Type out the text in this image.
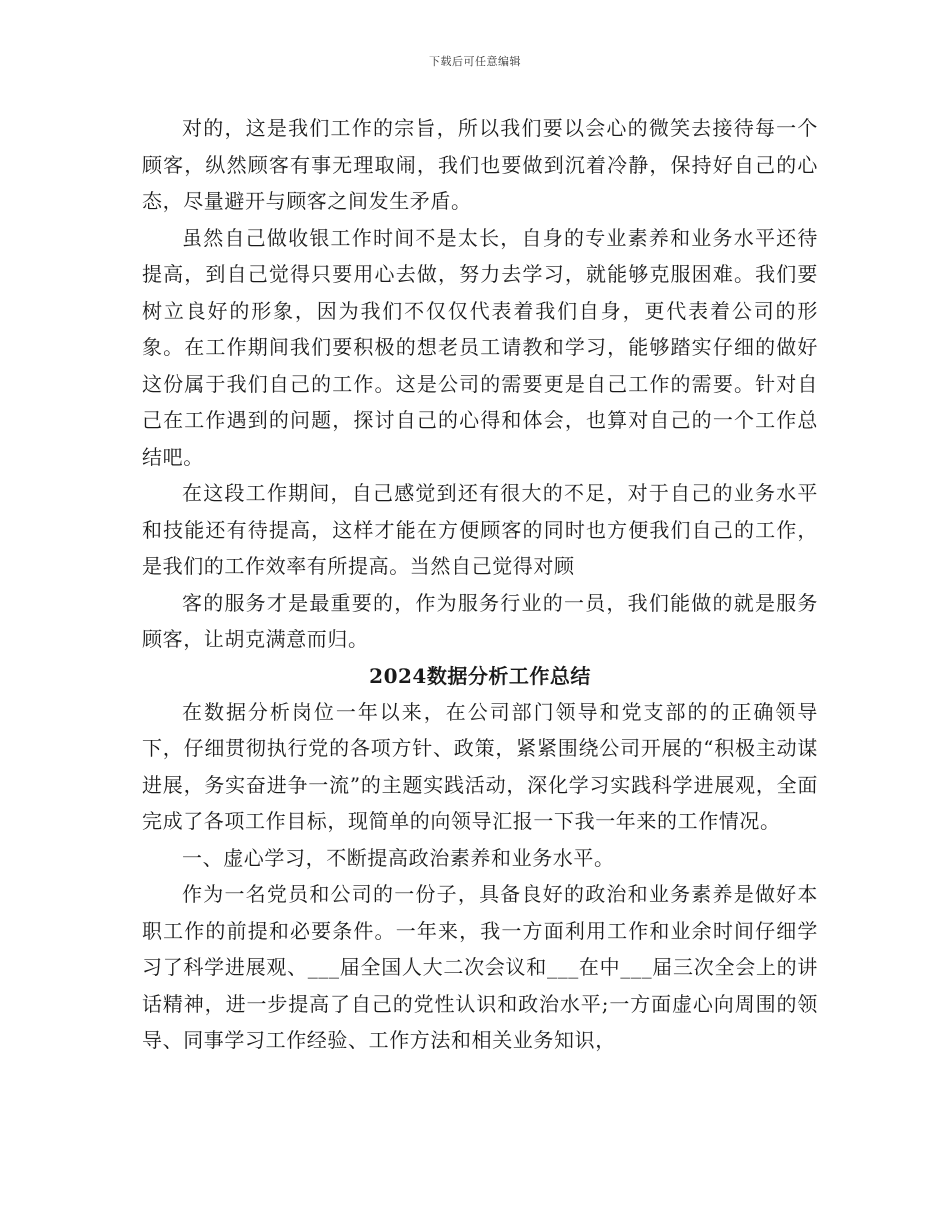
下载后可任意编辑

对的，这是我们工作的宗旨，所以我们要以会心的微笑去接待每一个顾客，纵然顾客有事无理取闹，我们也要做到沉着冷静，保持好自己的心态，尽量避开与顾客之间发生矛盾。

虽然自己做收银工作时间不是太长，自身的专业素养和业务水平还待提高，到自己觉得只要用心去做，努力去学习，就能够克服困难。我们要树立良好的形象，因为我们不仅仅代表着我们自身，更代表着公司的形象。在工作期间我们要积极的想老员工请教和学习，能够踏实仔细的做好这份属于我们自己的工作。这是公司的需要更是自己工作的需要。针对自己在工作遇到的问题，探讨自己的心得和体会，也算对自己的一个工作总结吧。

在这段工作期间，自己感觉到还有很大的不足，对于自己的业务水平和技能还有待提高，这样才能在方便顾客的同时也方便我们自己的工作，是我们的工作效率有所提高。当然自己觉得对顾

客的服务才是最重要的，作为服务行业的一员，我们能做的就是服务顾客，让胡克满意而归。

2024数据分析工作总结

在数据分析岗位一年以来，在公司部门领导和党支部的的正确领导下，仔细贯彻执行党的各项方针、政策，紧紧围绕公司开展的“积极主动谋进展，务实奋进争一流”的主题实践活动，深化学习实践科学进展观，全面完成了各项工作目标，现简单的向领导汇报一下我一年来的工作情况。

一、虚心学习，不断提高政治素养和业务水平。

作为一名党员和公司的一份子，具备良好的政治和业务素养是做好本职工作的前提和必要条件。一年来，我一方面利用工作和业余时间仔细学习了科学进展观、___届全国人大二次会议和___在中___届三次全会上的讲话精神，进一步提高了自己的党性认识和政治水平;一方面虚心向周围的领导、同事学习工作经验、工作方法和相关业务知识，
